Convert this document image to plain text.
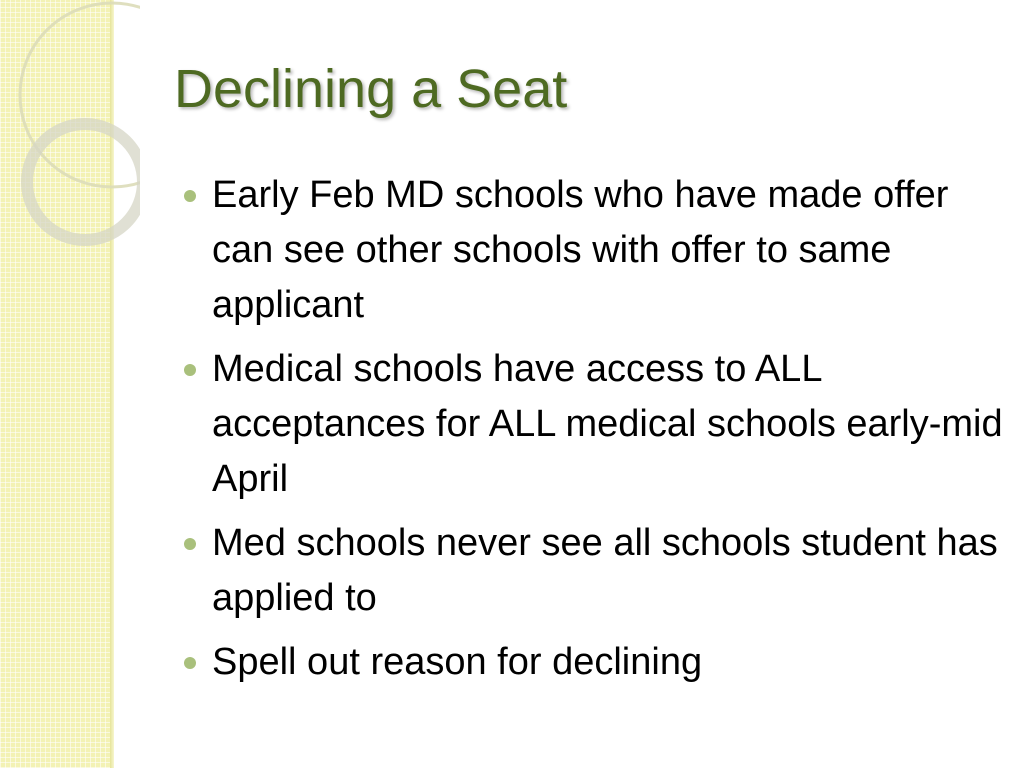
Declining a Seat
Early Feb MD schools who have made offer can see other schools with offer to same applicant
Medical schools have access to ALL acceptances for ALL medical schools early-mid  April
Med schools never see all schools student has applied to
Spell out reason for declining
